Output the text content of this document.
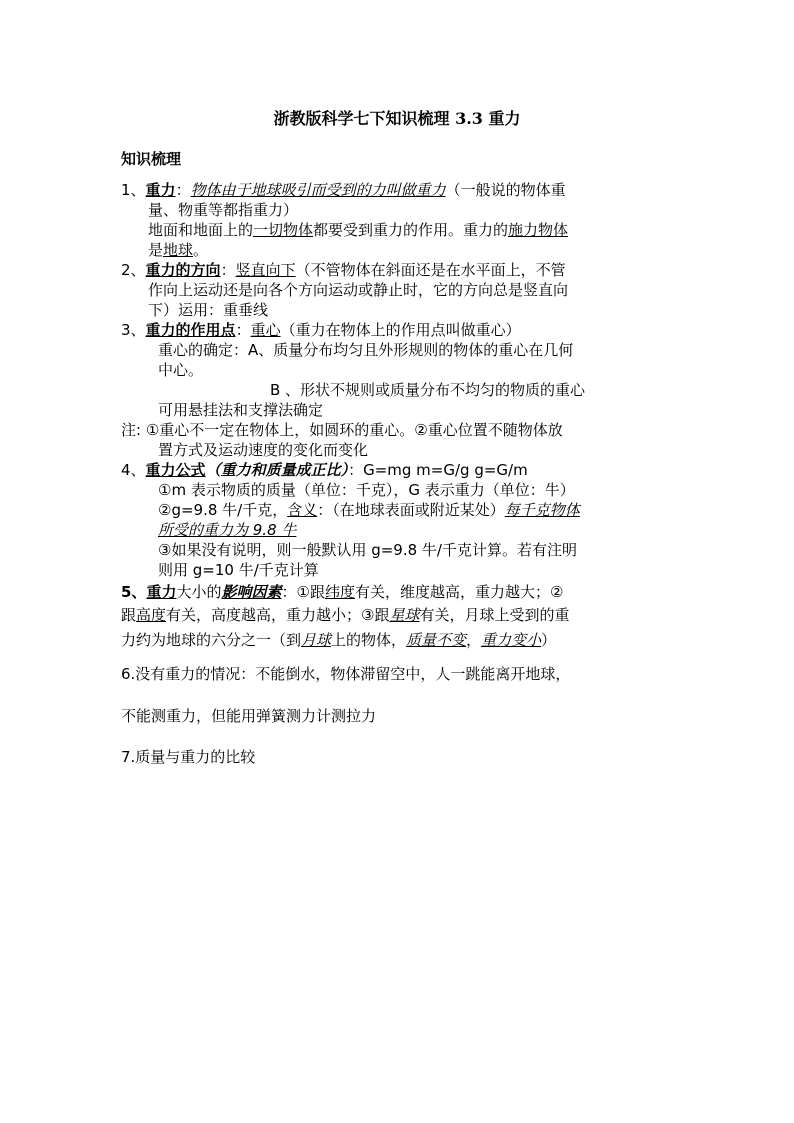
浙教版科学七下知识梳理 3.3 重力
知识梳理
1、重力：物体由于地球吸引而受到的力叫做重力（一般说的物体重
量、物重等都指重力）
地面和地面上的一切物体都要受到重力的作用。重力的施力物体
是地球。
2、重力的方向：竖直向下（不管物体在斜面还是在水平面上，不管
作向上运动还是向各个方向运动或静止时，它的方向总是竖直向
下）运用：重垂线
3、重力的作用点：重心（重力在物体上的作用点叫做重心）
重心的确定：A、质量分布均匀且外形规则的物体的重心在几何
中心。
B 、形状不规则或质量分布不均匀的物质的重心
可用悬挂法和支撑法确定
注: ①重心不一定在物体上，如圆环的重心。②重心位置不随物体放
置方式及运动速度的变化而变化
4、重力公式（重力和质量成正比）：G=mg m=G/g g=G/m
①m 表示物质的质量（单位：千克），G 表示重力（单位：牛）
②g=9.8 牛/千克，含义：（在地球表面或附近某处）每千克物体
所受的重力为 9.8 牛
③如果没有说明，则一般默认用 g=9.8 牛/千克计算。若有注明
则用 g=10 牛/千克计算
5、重力大小的影响因素：①跟纬度有关，维度越高，重力越大；②
跟高度有关，高度越高，重力越小；③跟星球有关，月球上受到的重
力约为地球的六分之一（到月球上的物体，质量不变，重力变小）
6.没有重力的情况：不能倒水，物体滞留空中，人一跳能离开地球，
不能测重力，但能用弹簧测力计测拉力
7.质量与重力的比较
